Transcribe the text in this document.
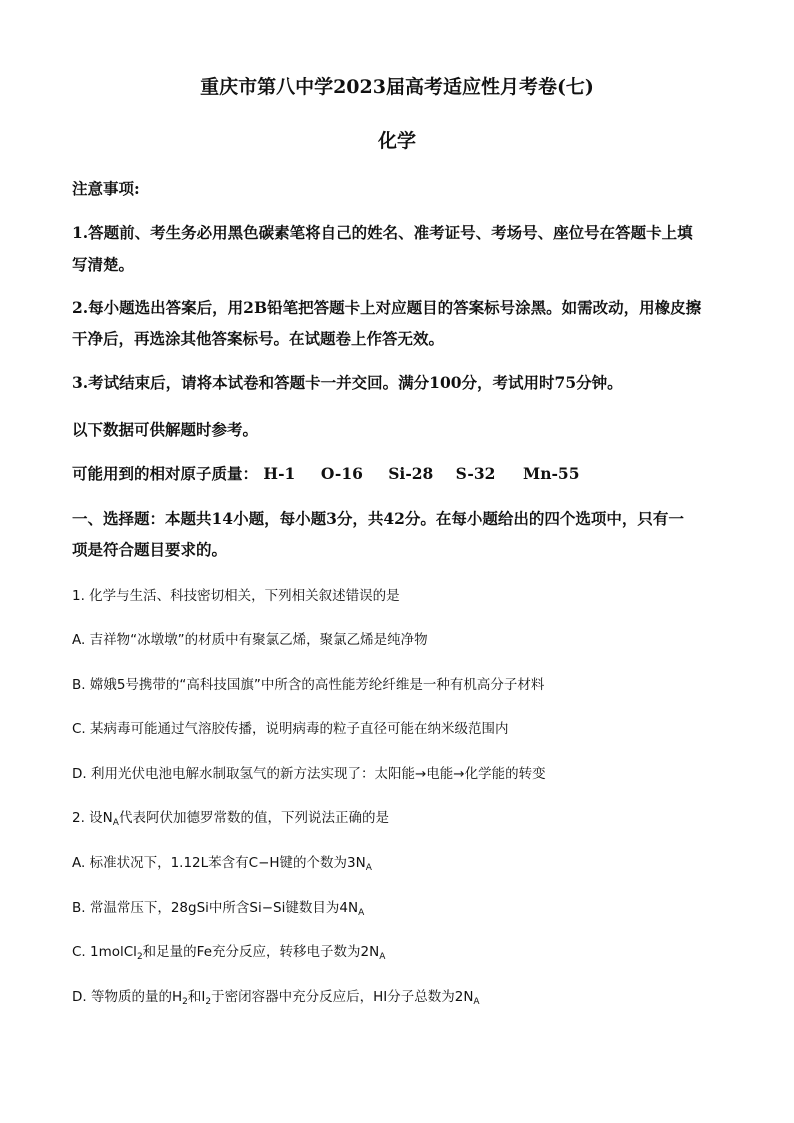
重庆市第八中学2023届高考适应性月考卷(七)
化学
注意事项:
1.答题前、考生务必用黑色碳素笔将自己的姓名、准考证号、考场号、座位号在答题卡上填
写清楚。
2.每小题选出答案后，用2B铅笔把答题卡上对应题目的答案标号涂黑。如需改动，用橡皮擦
干净后，再选涂其他答案标号。在试题卷上作答无效。
3.考试结束后，请将本试卷和答题卡一并交回。满分100分，考试用时75分钟。
以下数据可供解题时参考。
可能用到的相对原子质量： H-1 O-16 Si-28 S-32 Mn-55
一、选择题：本题共14小题，每小题3分，共42分。在每小题给出的四个选项中，只有一
项是符合题目要求的。
1. 化学与生活、科技密切相关，下列相关叙述错误的是
A. 吉祥物“冰墩墩”的材质中有聚氯乙烯，聚氯乙烯是纯净物
B. 嫦娥5号携带的“高科技国旗”中所含的高性能芳纶纤维是一种有机高分子材料
C. 某病毒可能通过气溶胶传播，说明病毒的粒子直径可能在纳米级范围内
D. 利用光伏电池电解水制取氢气的新方法实现了：太阳能→电能→化学能的转变
2. 设$N_A$代表阿伏加德罗常数的值，下列说法正确的是
A. 标准状况下，1.12L苯含有C−H键的个数为$3N_A$
B. 常温常压下，28gSi中所含Si−Si键数目为$4N_A$
C. 1molCl$_2$和足量的Fe充分反应，转移电子数为$2N_A$
D. 等物质的量的$H_2$和$I_2$于密闭容器中充分反应后，HI分子总数为$2N_A$
